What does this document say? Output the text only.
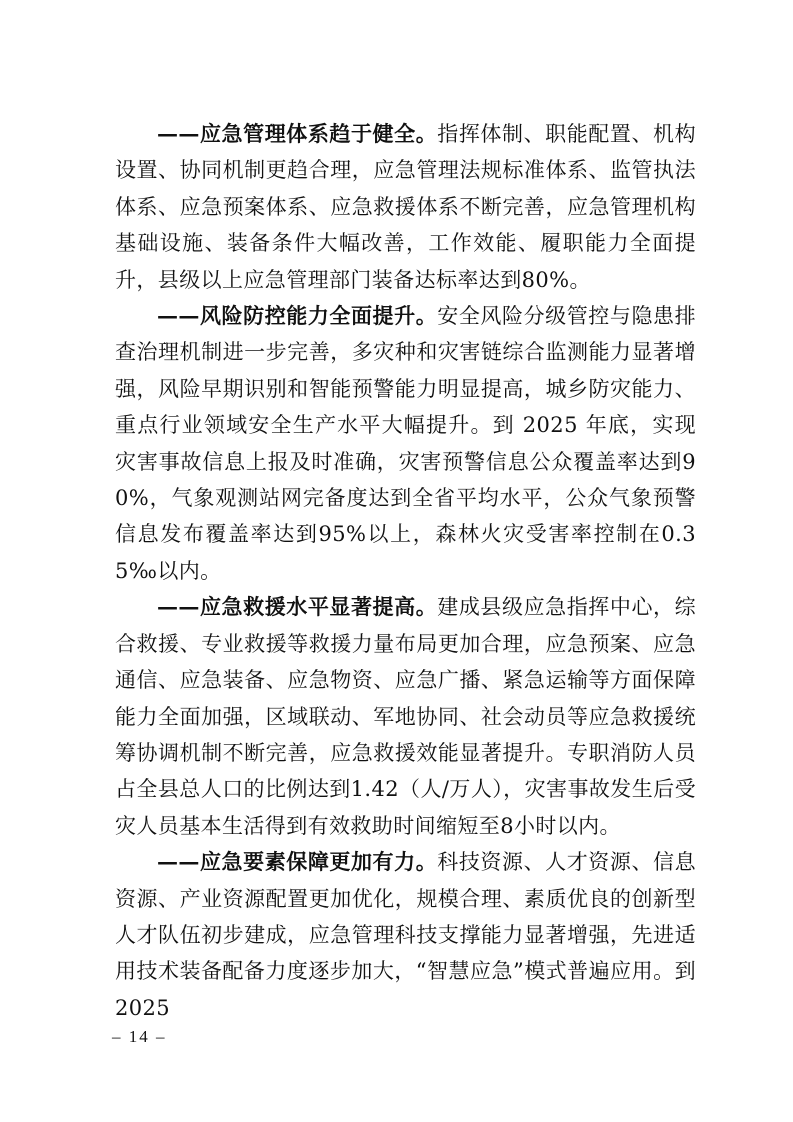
——应急管理体系趋于健全。指挥体制、职能配置、机构设置、协同机制更趋合理，应急管理法规标准体系、监管执法体系、应急预案体系、应急救援体系不断完善，应急管理机构基础设施、装备条件大幅改善，工作效能、履职能力全面提升，县级以上应急管理部门装备达标率达到80%。

——风险防控能力全面提升。安全风险分级管控与隐患排查治理机制进一步完善，多灾种和灾害链综合监测能力显著增强，风险早期识别和智能预警能力明显提高，城乡防灾能力、重点行业领域安全生产水平大幅提升。到 2025 年底，实现灾害事故信息上报及时准确，灾害预警信息公众覆盖率达到90%，气象观测站网完备度达到全省平均水平，公众气象预警信息发布覆盖率达到95%以上，森林火灾受害率控制在0.35‰以内。

——应急救援水平显著提高。建成县级应急指挥中心，综合救援、专业救援等救援力量布局更加合理，应急预案、应急通信、应急装备、应急物资、应急广播、紧急运输等方面保障能力全面加强，区域联动、军地协同、社会动员等应急救援统筹协调机制不断完善，应急救援效能显著提升。专职消防人员占全县总人口的比例达到1.42（人/万人），灾害事故发生后受灾人员基本生活得到有效救助时间缩短至8小时以内。

——应急要素保障更加有力。科技资源、人才资源、信息资源、产业资源配置更加优化，规模合理、素质优良的创新型人才队伍初步建成，应急管理科技支撑能力显著增强，先进适用技术装备配备力度逐步加大，“智慧应急”模式普遍应用。到 2025

– 14 –
